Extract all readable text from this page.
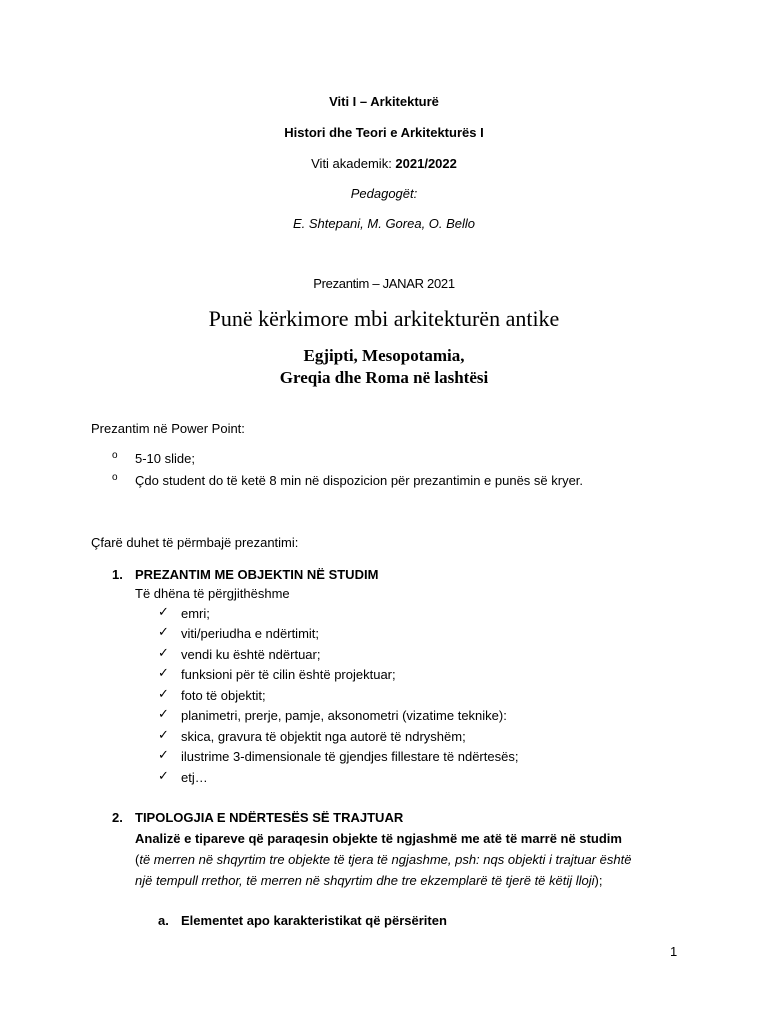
Viti I – Arkitekturë
Histori dhe Teori e Arkitekturës I
Viti akademik: 2021/2022
Pedagogët:
E. Shtepani, M. Gorea, O. Bello
Prezantim – JANAR 2021
Punë kërkimore mbi arkitekturën antike
Egjipti, Mesopotamia,
Greqia dhe Roma në lashtësi
Prezantim në Power Point:
o 5-10 slide;
o Çdo student do të ketë 8 min në dispozicion për prezantimin e punës së kryer.
Çfarë duhet të përmbajë prezantimi:
1. PREZANTIM ME OBJEKTIN NË STUDIM
Të dhëna të përgjithëshme
✓ emri;
✓ viti/periudha e ndërtimit;
✓ vendi ku është ndërtuar;
✓ funksioni për të cilin është projektuar;
✓ foto të objektit;
✓ planimetri, prerje, pamje, aksonometri (vizatime teknike):
✓ skica, gravura të objektit nga autorë të ndryshëm;
✓ ilustrime 3-dimensionale të gjendjes fillestare të ndërtesës;
✓ etj…
2. TIPOLOGJIA E NDËRTESËS SË TRAJTUAR
Analizë e tipareve që paraqesin objekte të ngjashmë me atë të marrë në studim
(të merren në shqyrtim tre objekte të tjera të ngjashme, psh: nqs objekti i trajtuar është
një tempull rrethor, të merren në shqyrtim dhe tre ekzemplarë të tjerë të këtij lloji);
a. Elementet apo karakteristikat që përsëriten
1
